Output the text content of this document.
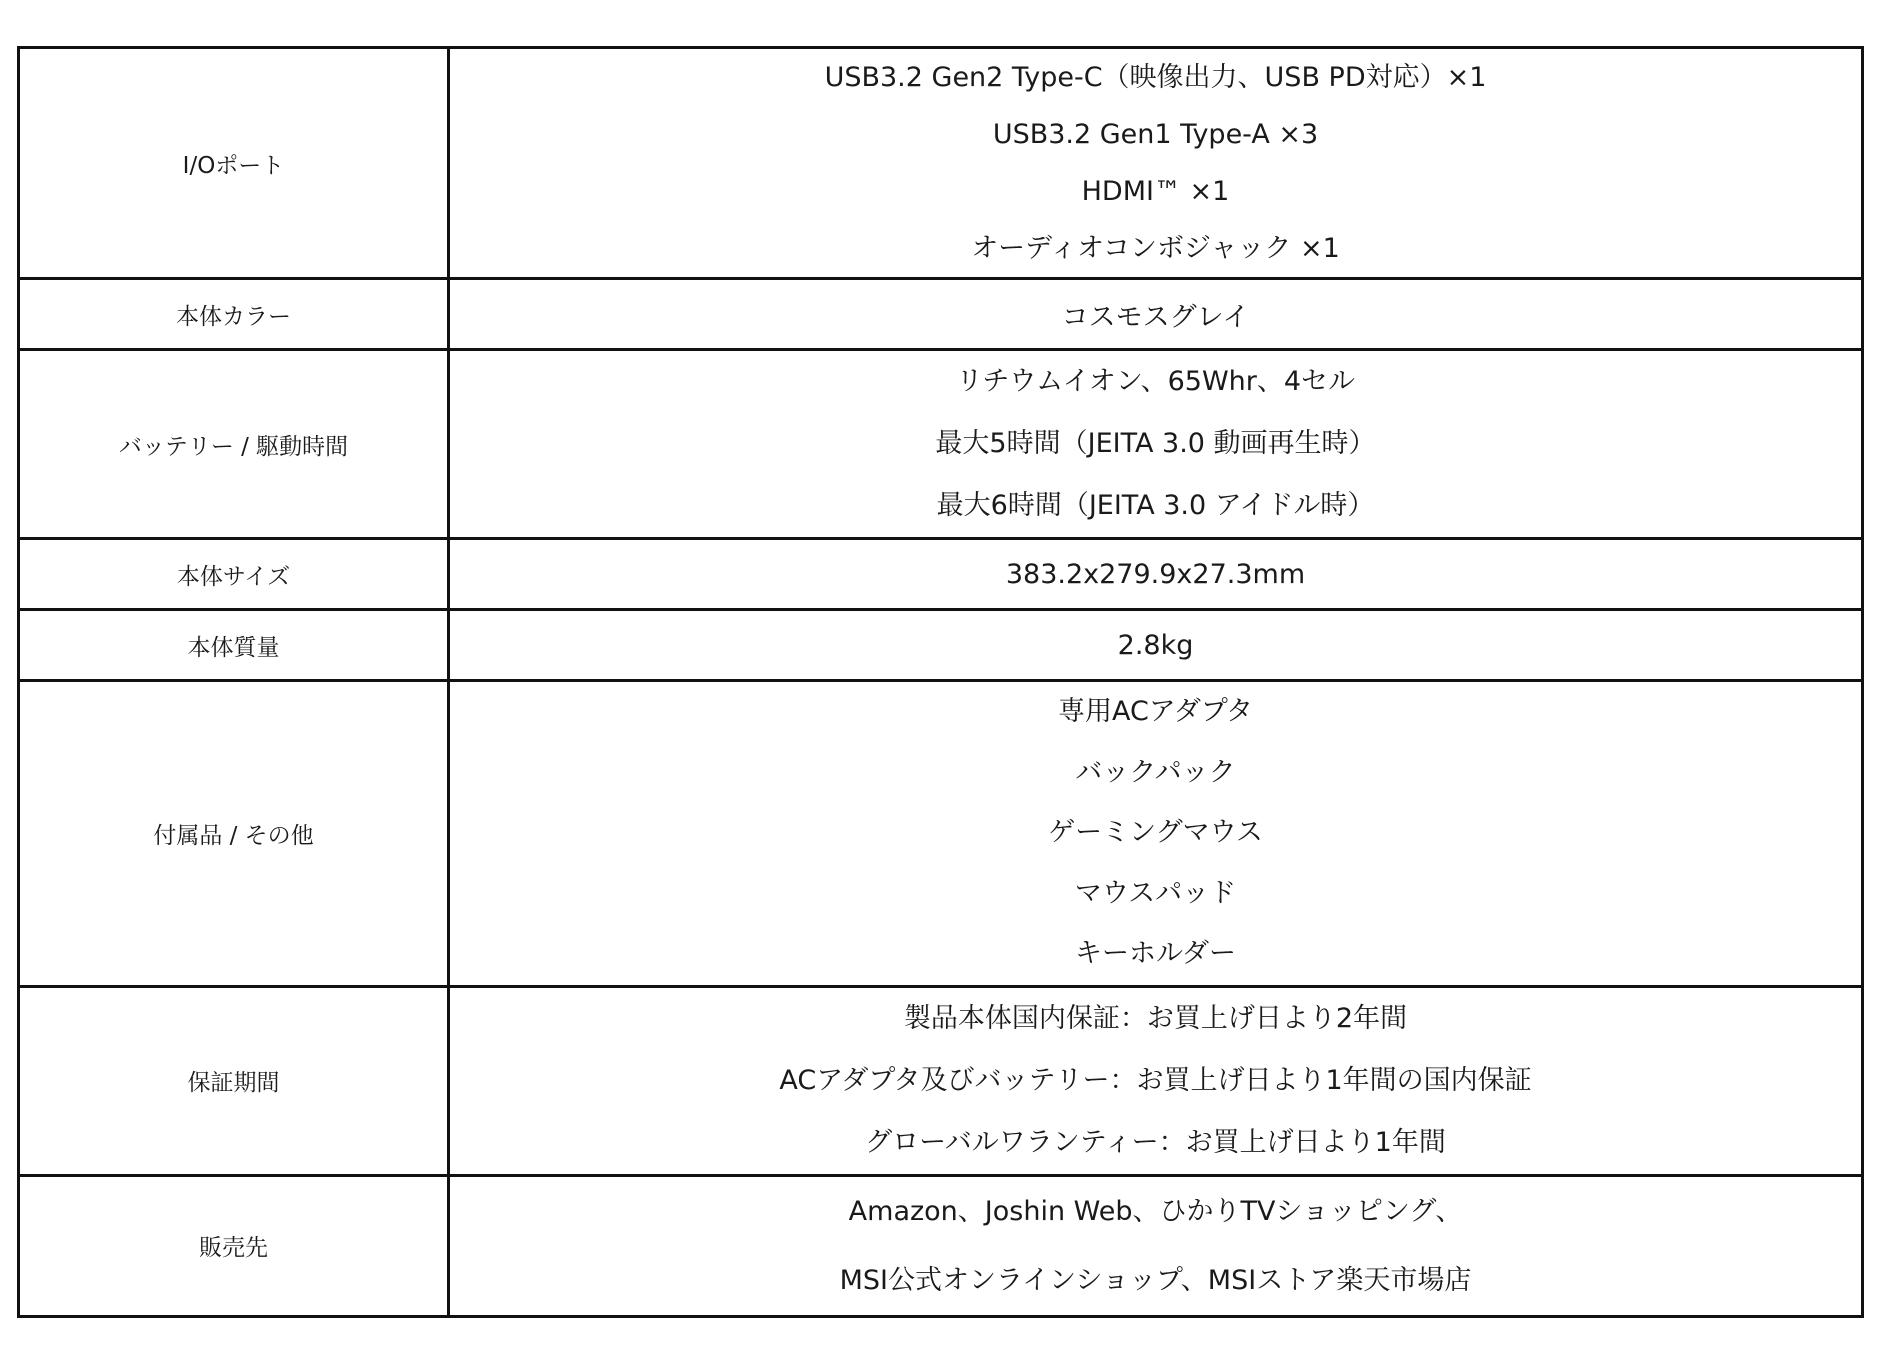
I/Oポート	USB3.2 Gen2 Type-C（映像出力、USB PD対応）×1
USB3.2 Gen1 Type-A ×3
HDMI™ ×1
オーディオコンボジャック ×1

本体カラー	コスモスグレイ

バッテリー / 駆動時間	リチウムイオン、65Whr、4セル
最大5時間（JEITA 3.0 動画再生時）
最大6時間（JEITA 3.0 アイドル時）

本体サイズ	383.2x279.9x27.3mm

本体質量	2.8kg

付属品 / その他	専用ACアダプタ
バックパック
ゲーミングマウス
マウスパッド
キーホルダー

保証期間	製品本体国内保証：お買上げ日より2年間
ACアダプタ及びバッテリー：お買上げ日より1年間の国内保証
グローバルワランティー：お買上げ日より1年間

販売先	Amazon、Joshin Web、ひかりTVショッピング、
MSI公式オンラインショップ、MSIストア楽天市場店
